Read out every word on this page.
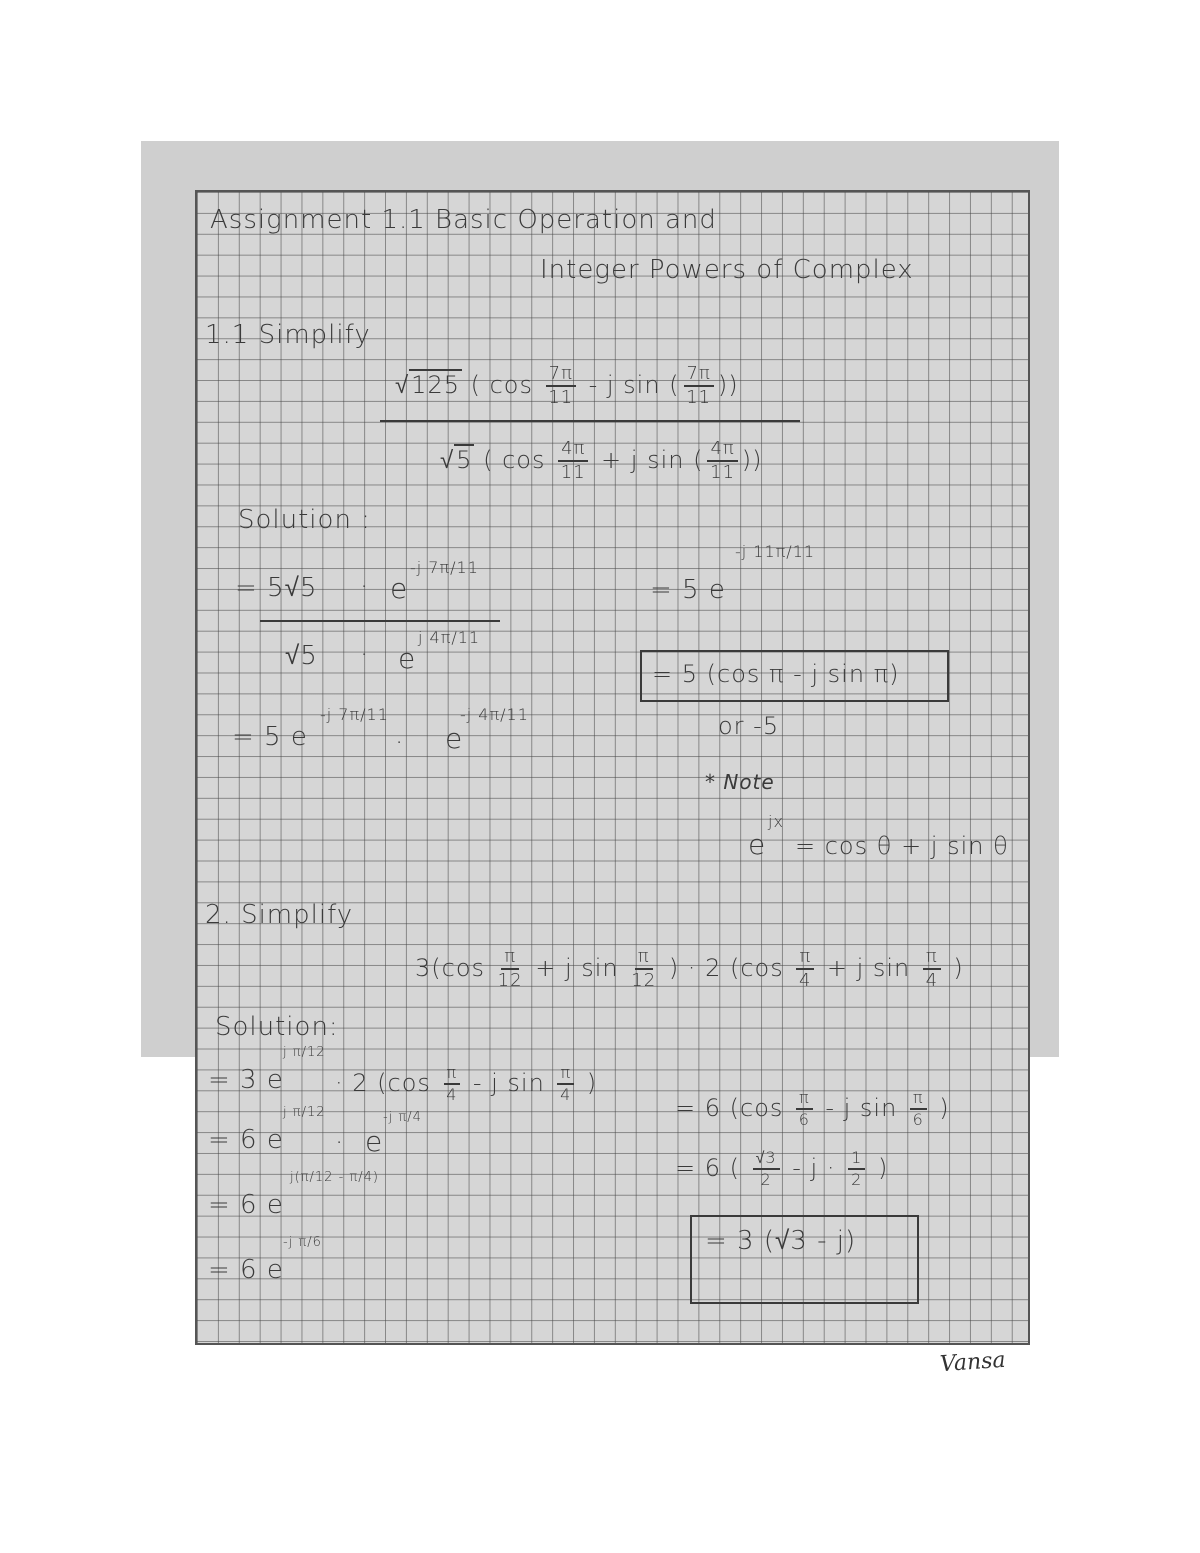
Assignment 1.1 Basic Operation and
Integer Powers of Complex
1.1 Simplify
√125 ( $\cos \frac{7\pi}{11}$ - j sin ( $\frac{7\pi}{11}$ ))
√5 ( $\cos \frac{4\pi}{11} + j$ sin ( $\frac{4\pi}{11}$ ))
Solution :
= 5√5 · e
-j 7π/11
√5 · e
j 4π/11
= 5 e
-j 7π/11
· e
-j 4π/11
= 5 e
-j 11π/11
= 5 (cos π - j sin π)
or -5
* Note
e
jx
= cos θ + j sin θ
2. Simplify
$3(\cos \frac{\pi}{12} + j$ $\sin \frac{\pi}{12}$ ) · 2 ($\cos \frac{\pi}{4} + j$ $\sin \frac{\pi}{4}$ )
Solution:
= 3 e
j π/12
· 2 ($\cos \frac{\pi}{4}$ - j $\sin \frac{\pi}{4}$ )
= 6 e
j π/12
· e
-j π/4
= 6 e
j(π/12 - π/4)
= 6 e
-j π/6
= 6 ($\cos \frac{\pi}{6}$ - j $\sin \frac{\pi}{6}$ )
= 6 ( $\frac{√3}{2} - j \cdot \frac{1}{2}$ )
= 3 (√3 - j)
Vansa
